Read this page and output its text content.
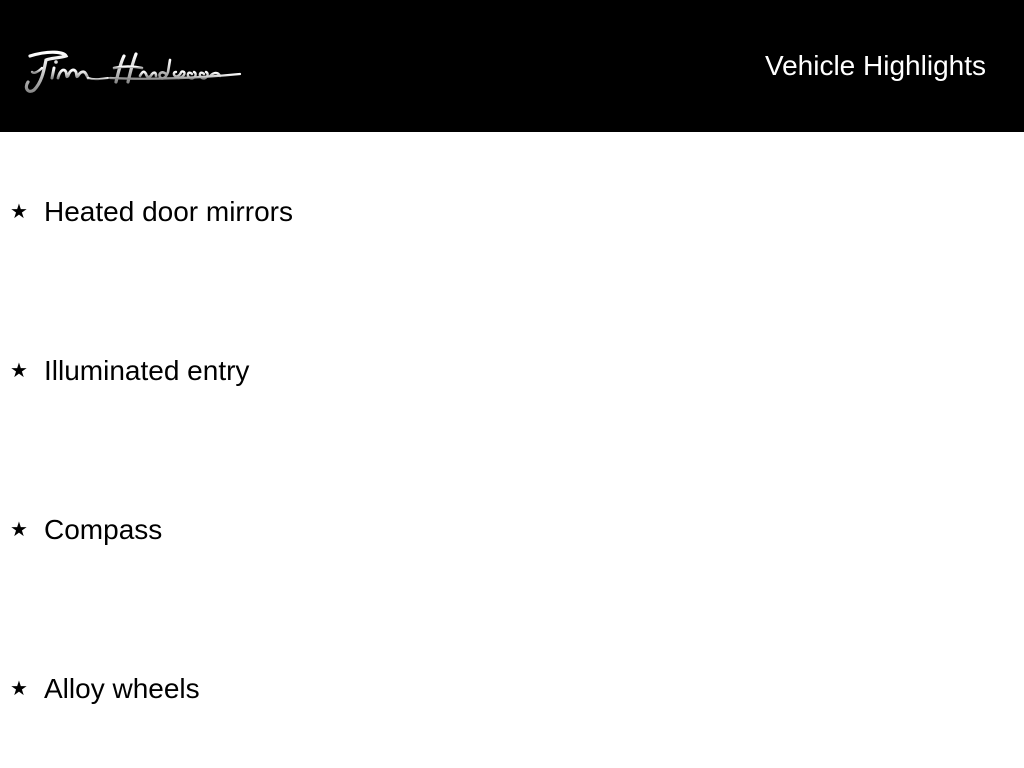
Vehicle Highlights
★ Heated door mirrors
★ Illuminated entry
★ Compass
★ Alloy wheels
